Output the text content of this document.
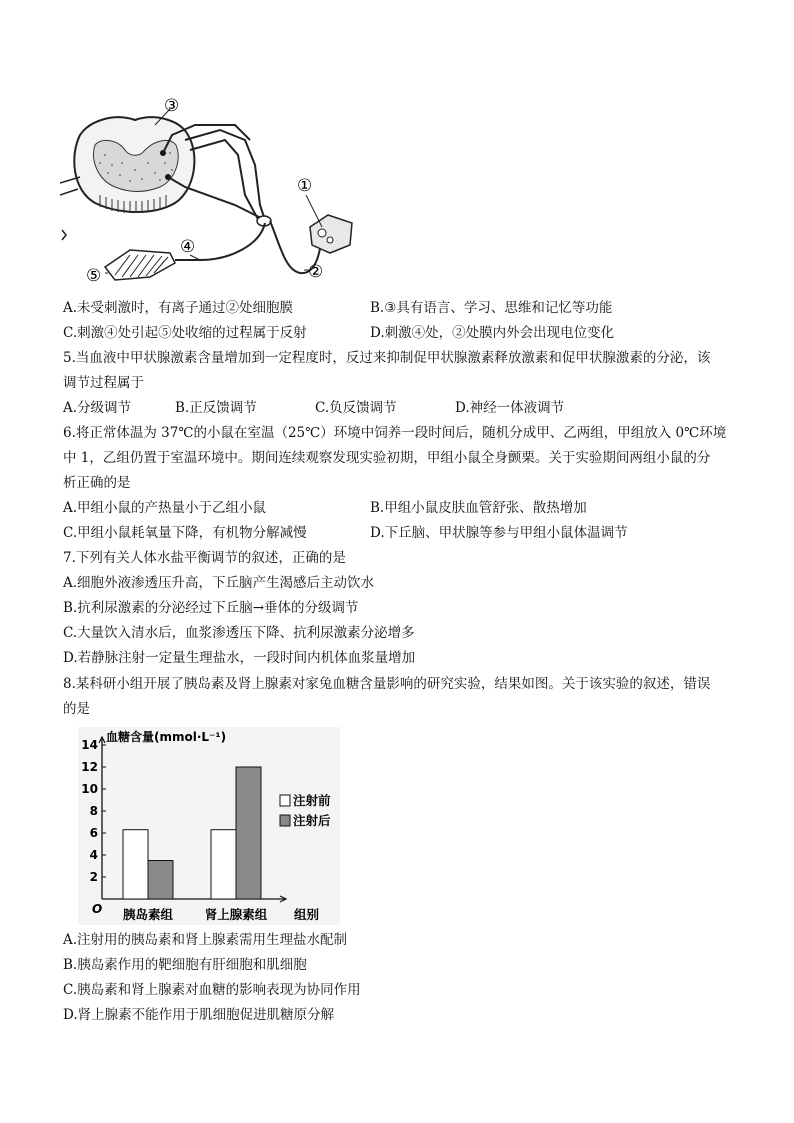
③
①
④
②
⑤
A.未受刺激时，有离子通过②处细胞膜	B.③具有语言、学习、思维和记忆等功能
C.刺激④处引起⑤处收缩的过程属于反射	D.刺激④处，②处膜内外会出现电位变化
5.当血液中甲状腺激素含量增加到一定程度时，反过来抑制促甲状腺激素释放激素和促甲状腺激素的分泌，该
调节过程属于
A.分级调节	B.正反馈调节	C.负反馈调节	D.神经一体液调节
6.将正常体温为 37℃的小鼠在室温（25℃）环境中饲养一段时间后，随机分成甲、乙两组，甲组放入 0℃环境
中 1，乙组仍置于室温环境中。期间连续观察发现实验初期，甲组小鼠全身颤栗。关于实验期间两组小鼠的分
析正确的是
A.甲组小鼠的产热量小于乙组小鼠	B.甲组小鼠皮肤血管舒张、散热增加
C.甲组小鼠耗氧量下降，有机物分解减慢	D.下丘脑、甲状腺等参与甲组小鼠体温调节
7.下列有关人体水盐平衡调节的叙述，正确的是
A.细胞外液渗透压升高，下丘脑产生渴感后主动饮水
B.抗利尿激素的分泌经过下丘脑→垂体的分级调节
C.大量饮入清水后，血浆渗透压下降、抗利尿激素分泌增多
D.若静脉注射一定量生理盐水，一段时间内机体血浆量增加
8.某科研小组开展了胰岛素及肾上腺素对家兔血糖含量影响的研究实验，结果如图。关于该实验的叙述，错误
的是
2
4
6
8
10
12
14
O
血糖含量(mmol·L⁻¹)
胰岛素组	肾上腺素组 组别
注射前
注射后
A.注射用的胰岛素和肾上腺素需用生理盐水配制
B.胰岛素作用的靶细胞有肝细胞和肌细胞
C.胰岛素和肾上腺素对血糖的影响表现为协同作用
D.肾上腺素不能作用于肌细胞促进肌糖原分解
